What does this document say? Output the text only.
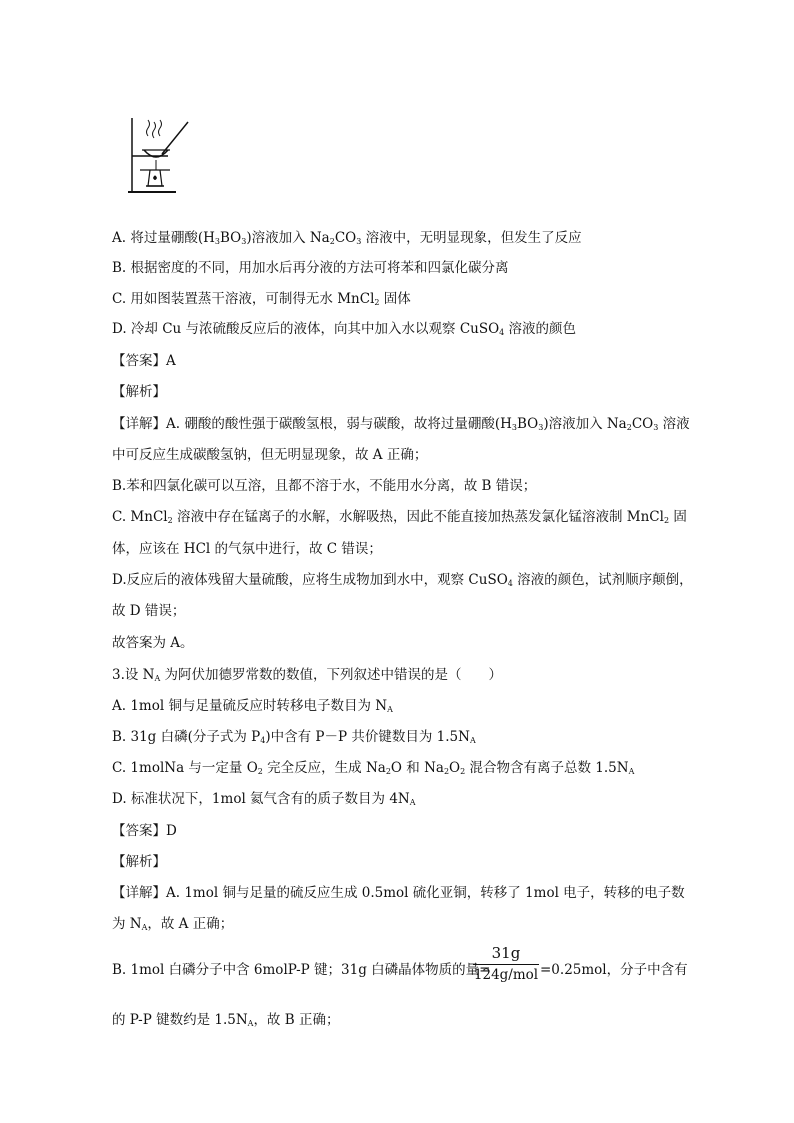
A. 将过量硼酸$(H_3BO_3)$溶液加入 $Na_2CO_3$ 溶液中，无明显现象，但发生了反应
B. 根据密度的不同，用加水后再分液的方法可将苯和四氯化碳分离
C. 用如图装置蒸干溶液，可制得无水 MnCl$_2$ 固体
D. 冷却 Cu 与浓硫酸反应后的液体，向其中加入水以观察 CuSO$_4$ 溶液的颜色
【答案】A
【解析】
【详解】A. 硼酸的酸性强于碳酸氢根，弱与碳酸，故将过量硼酸$(H_3BO_3)$溶液加入 $Na_2CO_3$ 溶液
中可反应生成碳酸氢钠，但无明显现象，故 A 正确；
B.苯和四氯化碳可以互溶，且都不溶于水，不能用水分离，故 B 错误；
C. MnCl$_2$ 溶液中存在锰离子的水解，水解吸热，因此不能直接加热蒸发氯化锰溶液制 MnCl$_2$ 固
体，应该在 HCl 的气氛中进行，故 C 错误；
D.反应后的液体残留大量硫酸，应将生成物加到水中，观察 CuSO$_4$ 溶液的颜色，试剂顺序颠倒，
故 D 错误；
故答案为 A。
3.设 $N_A$ 为阿伏加德罗常数的数值，下列叙述中错误的是（　　）
A. 1mol 铜与足量硫反应时转移电子数目为 $N_A$
B. 31g 白磷(分子式为 $P_4$)中含有 P－P 共价键数目为 $1.5N_A$
C. 1molNa 与一定量 $O_2$ 完全反应，生成 $Na_2O$ 和 $Na_2O_2$ 混合物含有离子总数 $1.5N_A$
D. 标准状况下，1mol 氦气含有的质子数目为 $4N_A$
【答案】D
【解析】
【详解】A. 1mol 铜与足量的硫反应生成 0.5mol 硫化亚铜，转移了 1mol 电子，转移的电子数
为 $N_A$，故 A 正确；
B. 1mol 白磷分子中含 6molP-P 键；31g 白磷晶体物质的量=
31g
124g/mol =0.25mol，分子中含有
的 P-P 键数约是 $1.5N_A$，故 B 正确；
